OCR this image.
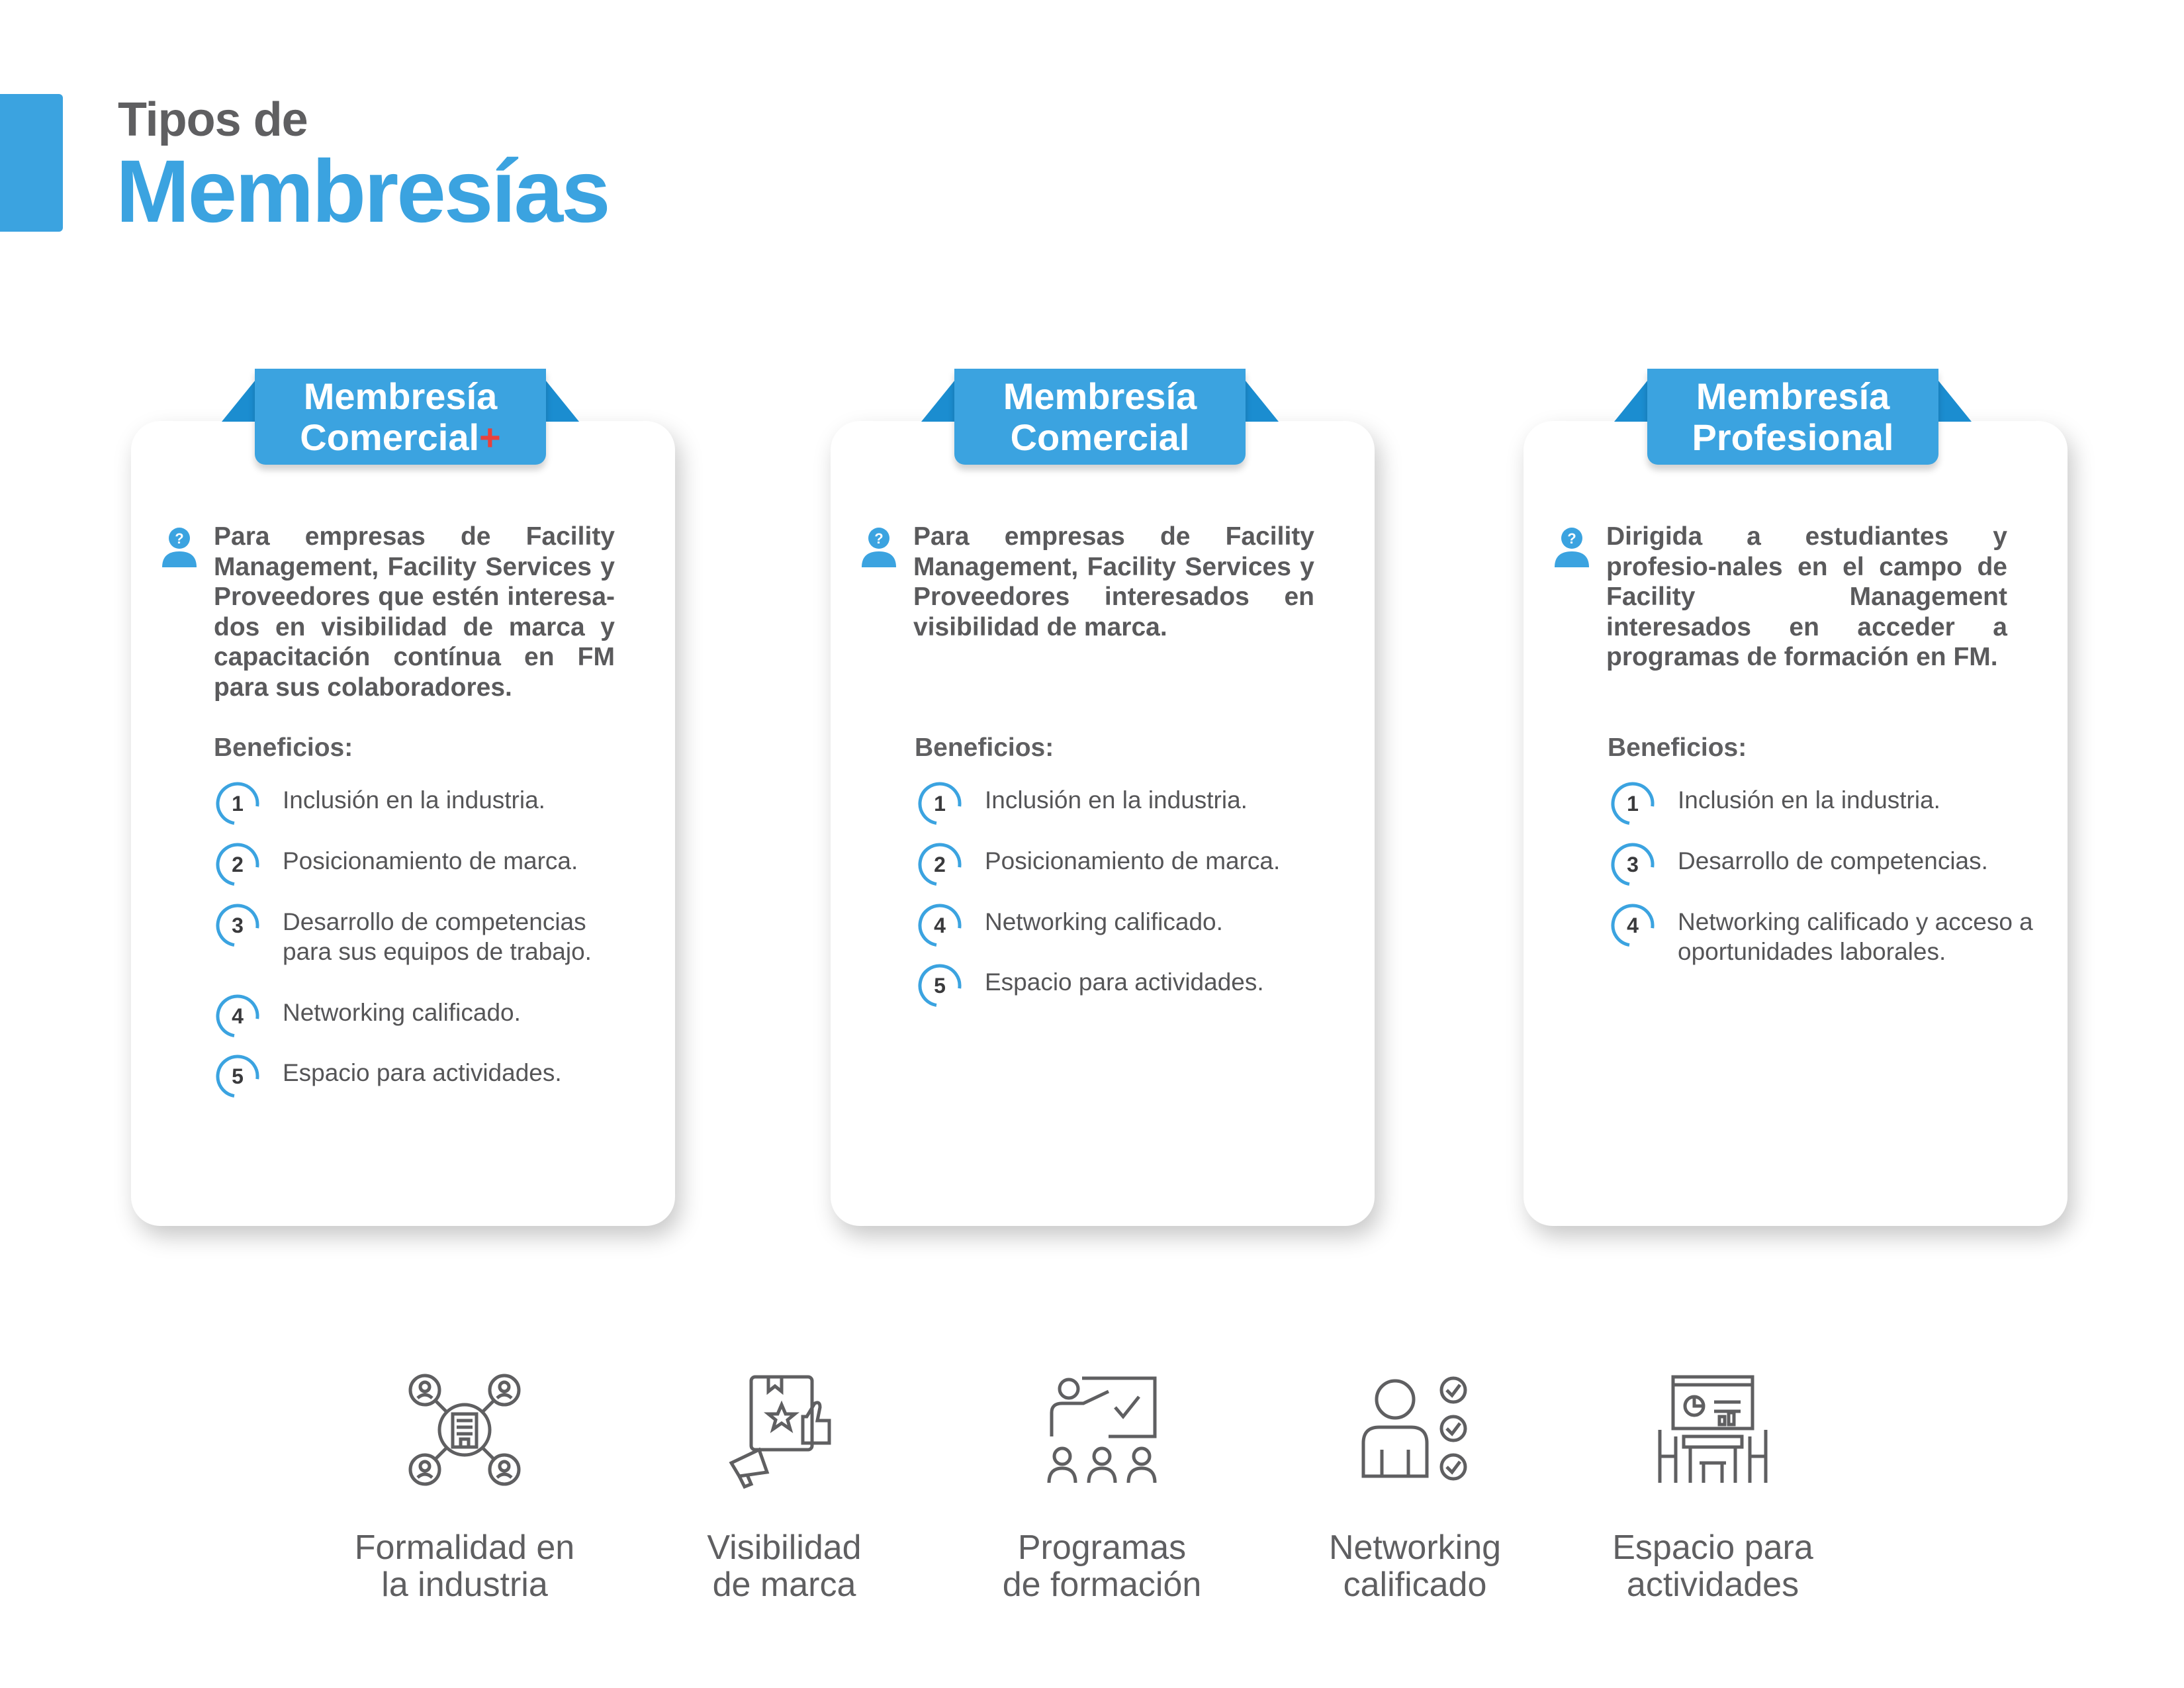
Tipos de
Membresías
Membresía
Comercial+
? Para empresas de Facility Management, Facility Services y Proveedores que estén interesa-dos en visibilidad de marca y capacitación contínua en FM para sus colaboradores.
Beneficios:
1	Inclusión en la industria.
2	Posicionamiento de marca.
3	Desarrollo de competencias
para sus equipos de trabajo.
4	Networking calificado.
5	Espacio para actividades.
Membresía
Comercial
? Para empresas de Facility Management, Facility Services y Proveedores interesados en visibilidad de marca.
Beneficios:
1	Inclusión en la industria.
2	Posicionamiento de marca.
4	Networking calificado.
5	Espacio para actividades.
Membresía
Profesional
? Dirigida a estudiantes y profesio-nales en el campo de Facility Management interesados en acceder a programas de formación en FM.
Beneficios:
1	Inclusión en la industria.
3	Desarrollo de competencias.
4	Networking calificado y acceso a
oportunidades laborales.
Formalidad en
la industria
Visibilidad
de marca
Programas
de formación
Networking
calificado
Espacio para
actividades
